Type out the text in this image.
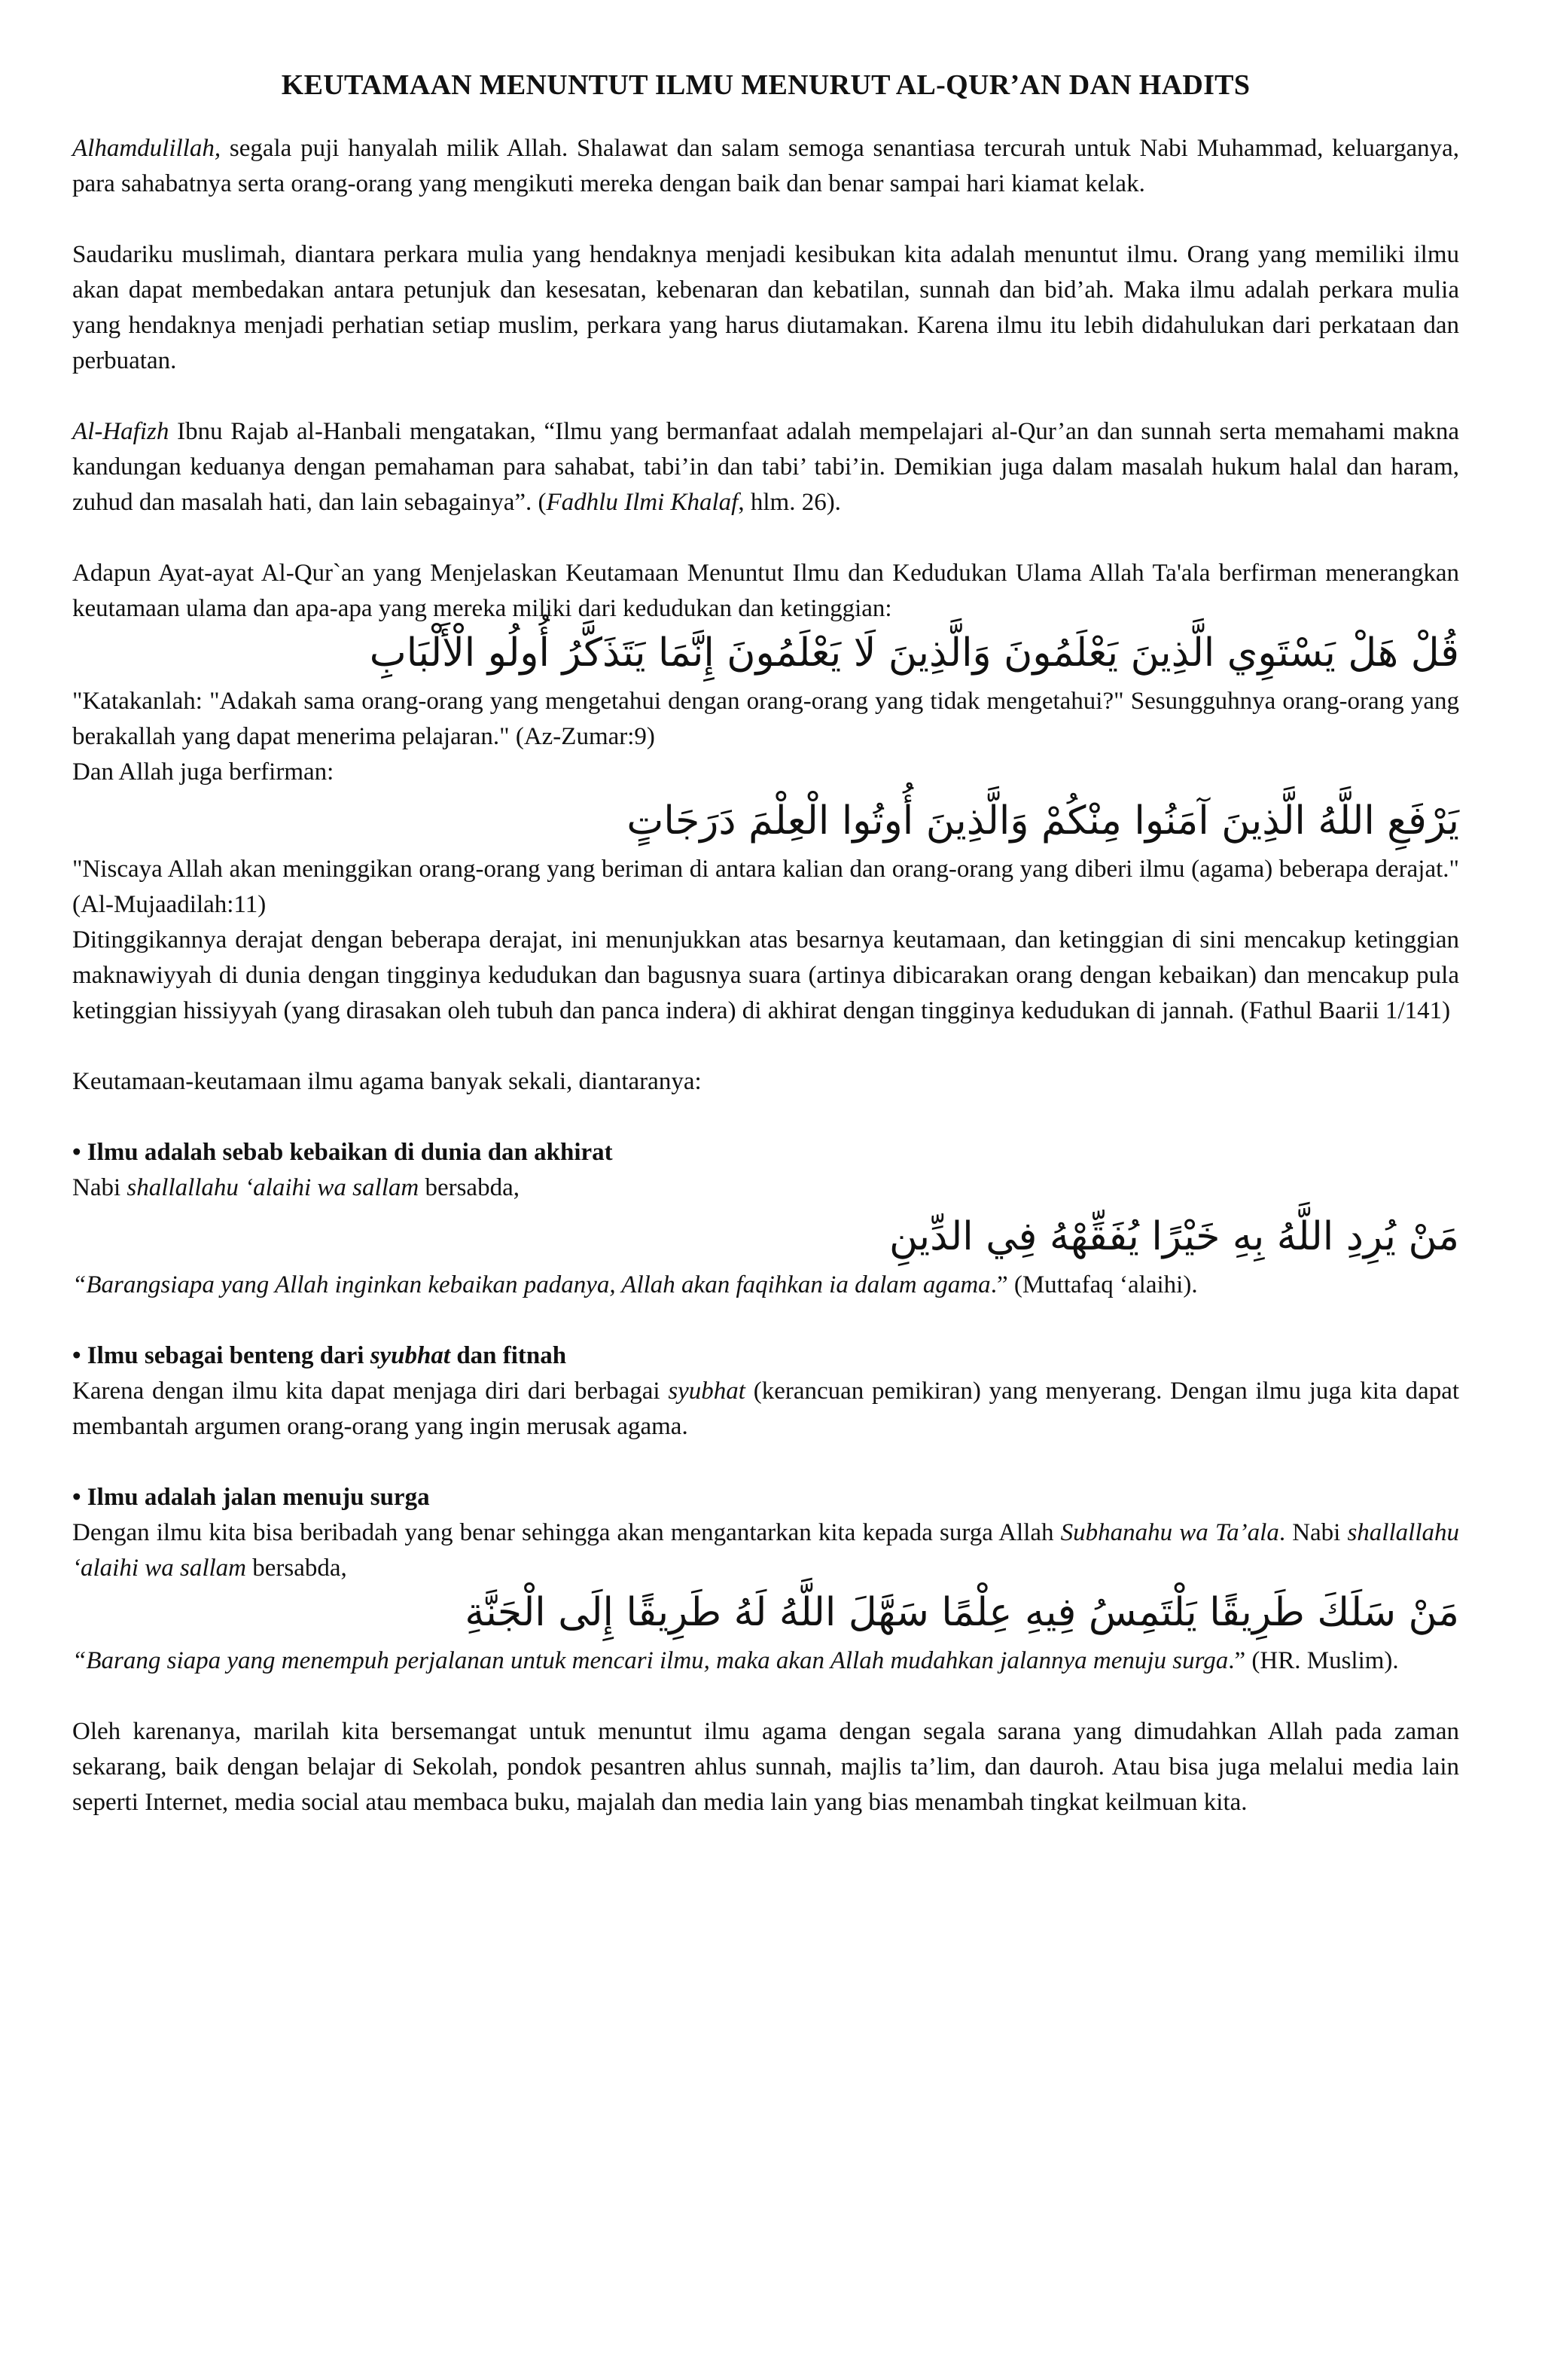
KEUTAMAAN MENUNTUT ILMU MENURUT AL-QUR’AN DAN HADITS

Alhamdulillah, segala puji hanyalah milik Allah. Shalawat dan salam semoga senantiasa tercurah untuk Nabi Muhammad, keluarganya, para sahabatnya serta orang-orang yang mengikuti mereka dengan baik dan benar sampai hari kiamat kelak.

Saudariku muslimah, diantara perkara mulia yang hendaknya menjadi kesibukan kita adalah menuntut ilmu. Orang yang memiliki ilmu akan dapat membedakan antara petunjuk dan kesesatan, kebenaran dan kebatilan, sunnah dan bid’ah. Maka ilmu adalah perkara mulia yang hendaknya menjadi perhatian setiap muslim, perkara yang harus diutamakan. Karena ilmu itu lebih didahulukan dari perkataan dan perbuatan.

Al-Hafizh Ibnu Rajab al-Hanbali mengatakan, “Ilmu yang bermanfaat adalah mempelajari al-Qur’an dan sunnah serta memahami makna kandungan keduanya dengan pemahaman para sahabat, tabi’in dan tabi’ tabi’in. Demikian juga dalam masalah hukum halal dan haram, zuhud dan masalah hati, dan lain sebagainya”. (Fadhlu Ilmi Khalaf, hlm. 26).

Adapun Ayat-ayat Al-Qur`an yang Menjelaskan Keutamaan Menuntut Ilmu dan Kedudukan Ulama Allah Ta'ala berfirman menerangkan keutamaan ulama dan apa-apa yang mereka miliki dari kedudukan dan ketinggian:

قُلْ هَلْ يَسْتَوِي الَّذِينَ يَعْلَمُونَ وَالَّذِينَ لَا يَعْلَمُونَ إِنَّمَا يَتَذَكَّرُ أُولُو الْأَلْبَابِ

"Katakanlah: "Adakah sama orang-orang yang mengetahui dengan orang-orang yang tidak mengetahui?" Sesungguhnya orang-orang yang berakallah yang dapat menerima pelajaran." (Az-Zumar:9)

Dan Allah juga berfirman:

يَرْفَعِ اللَّهُ الَّذِينَ آمَنُوا مِنْكُمْ وَالَّذِينَ أُوتُوا الْعِلْمَ دَرَجَاتٍ

"Niscaya Allah akan meninggikan orang-orang yang beriman di antara kalian dan orang-orang yang diberi ilmu (agama) beberapa derajat." (Al-Mujaadilah:11)

Ditinggikannya derajat dengan beberapa derajat, ini menunjukkan atas besarnya keutamaan, dan ketinggian di sini mencakup ketinggian maknawiyyah di dunia dengan tingginya kedudukan dan bagusnya suara (artinya dibicarakan orang dengan kebaikan) dan mencakup pula ketinggian hissiyyah (yang dirasakan oleh tubuh dan panca indera) di akhirat dengan tingginya kedudukan di jannah. (Fathul Baarii 1/141)

Keutamaan-keutamaan ilmu agama banyak sekali, diantaranya:

• Ilmu adalah sebab kebaikan di dunia dan akhirat

Nabi shallallahu ‘alaihi wa sallam bersabda,

مَنْ يُرِدِ اللَّهُ بِهِ خَيْرًا يُفَقِّهْهُ فِي الدِّينِ

“Barangsiapa yang Allah inginkan kebaikan padanya, Allah akan faqihkan ia dalam agama.” (Muttafaq ‘alaihi).

• Ilmu sebagai benteng dari syubhat dan fitnah

Karena dengan ilmu kita dapat menjaga diri dari berbagai syubhat (kerancuan pemikiran) yang menyerang. Dengan ilmu juga kita dapat membantah argumen orang-orang yang ingin merusak agama.

• Ilmu adalah jalan menuju surga

Dengan ilmu kita bisa beribadah yang benar sehingga akan mengantarkan kita kepada surga Allah Subhanahu wa Ta’ala. Nabi shallallahu ‘alaihi wa sallam bersabda,

مَنْ سَلَكَ طَرِيقًا يَلْتَمِسُ فِيهِ عِلْمًا سَهَّلَ اللَّهُ لَهُ طَرِيقًا إِلَى الْجَنَّةِ

“Barang siapa yang menempuh perjalanan untuk mencari ilmu, maka akan Allah mudahkan jalannya menuju surga.” (HR. Muslim).

Oleh karenanya, marilah kita bersemangat untuk menuntut ilmu agama dengan segala sarana yang dimudahkan Allah pada zaman sekarang, baik dengan belajar di Sekolah, pondok pesantren ahlus sunnah, majlis ta’lim, dan dauroh. Atau bisa juga melalui media lain seperti Internet, media social atau membaca buku, majalah dan media lain yang bias menambah tingkat keilmuan kita.
